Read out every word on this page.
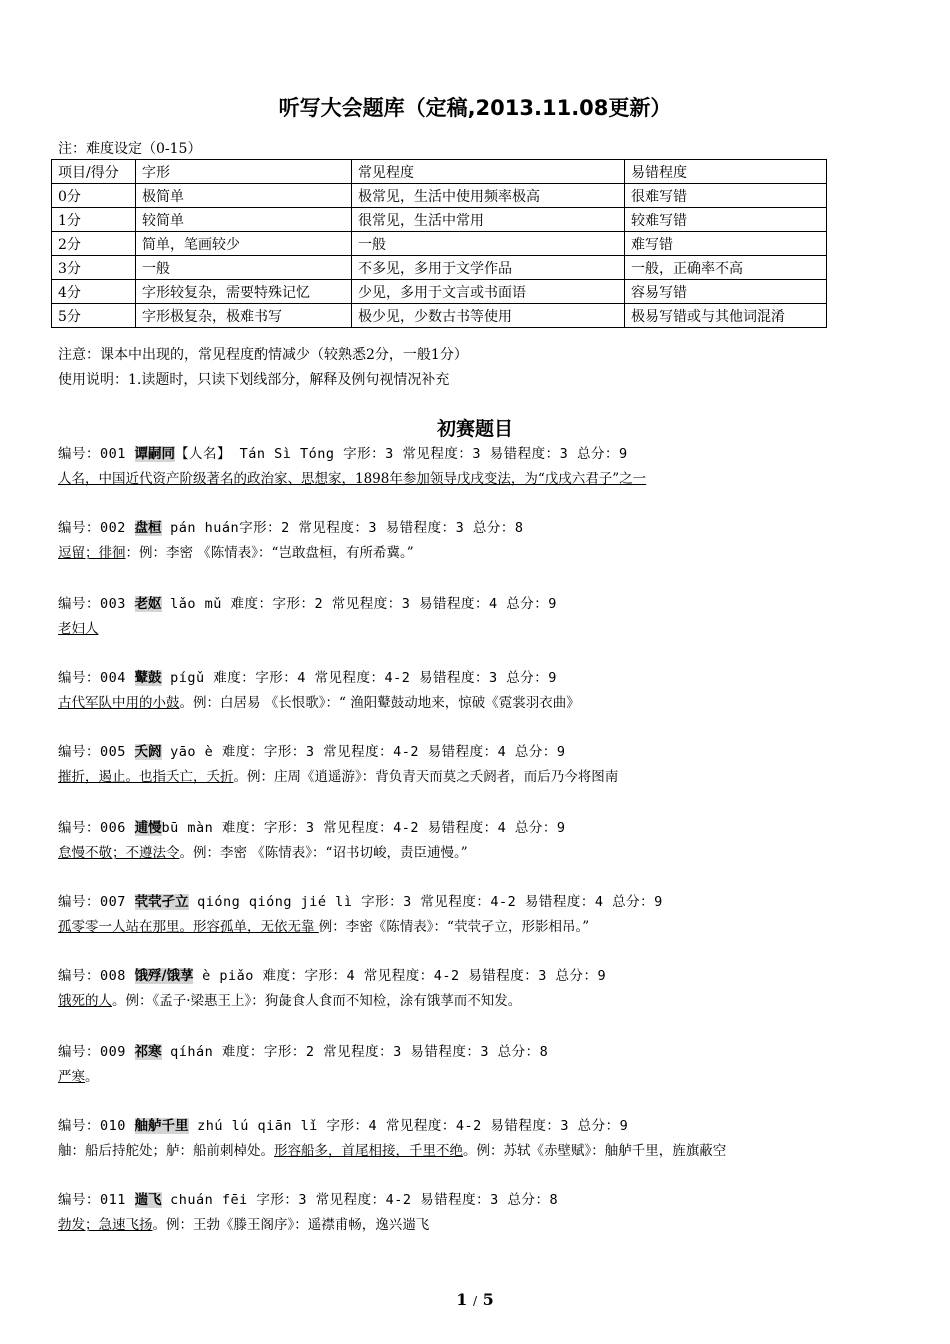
听写大会题库（定稿,2013.11.08更新）
注：难度设定（0-15）
项目/得分	字形	常见程度	易错程度
0分	极简单	极常见，生活中使用频率极高	很难写错
1分	较简单	很常见，生活中常用	较难写错
2分	简单，笔画较少	一般	难写错
3分	一般	不多见，多用于文学作品	一般，正确率不高
4分	字形较复杂，需要特殊记忆	少见，多用于文言或书面语	容易写错
5分	字形极复杂，极难书写	极少见，少数古书等使用	极易写错或与其他词混淆
注意：课本中出现的，常见程度酌情减少（较熟悉2分，一般1分）
使用说明：1.读题时，只读下划线部分，解释及例句视情况补充
初赛题目
编号：001 谭嗣同【人名】 Tán Sì Tóng 字形：3 常见程度：3 易错程度：3 总分：9
人名，中国近代资产阶级著名的政治家、思想家，1898年参加领导戊戌变法，为“戊戌六君子”之一
编号：002 盘桓 pán huán字形：2 常见程度：3 易错程度：3 总分：8
逗留；徘徊：例：李密 《陈情表》：“岂敢盘桓，有所希冀。”
编号：003 老妪 lǎo mǔ 难度：字形：2 常见程度：3 易错程度：4 总分：9
老妇人
编号：004 鼙鼓 pígǔ 难度：字形：4 常见程度：4-2 易错程度：3 总分：9
古代军队中用的小鼓。例：白居易 《长恨歌》：“ 渔阳鼙鼓动地来，惊破《霓裳羽衣曲》
编号：005 夭阏 yāo è 难度：字形：3 常见程度：4-2 易错程度：4 总分：9
摧折，遏止。也指夭亡，夭折。例：庄周《逍遥游》：背负青天而莫之夭阏者，而后乃今将图南
编号：006 逋慢bū màn 难度：字形：3 常见程度：4-2 易错程度：4 总分：9
怠慢不敬；不遵法令。例：李密 《陈情表》：“诏书切峻，责臣逋慢。”
编号：007 茕茕孑立 qióng qióng jié lì 字形：3 常见程度：4-2 易错程度：4 总分：9
孤零零一人站在那里。形容孤单，无依无靠 例：李密《陈情表》：“茕茕孑立，形影相吊。”
编号：008 饿殍/饿莩 è piǎo 难度：字形：4 常见程度：4-2 易错程度：3 总分：9
饿死的人。例：《孟子·梁惠王上》：狗彘食人食而不知检，涂有饿莩而不知发。
编号：009 祁寒 qíhán 难度：字形：2 常见程度：3 易错程度：3 总分：8
严寒。
编号：010 舳舻千里 zhú lú qiān lǐ 字形：4 常见程度：4-2 易错程度：3 总分：9
舳：船后持舵处；舻：船前刺棹处。形容船多，首尾相接，千里不绝。例：苏轼《赤壁赋》：舳舻千里，旌旗蔽空
编号：011 遄飞 chuán fēi 字形：3 常见程度：4-2 易错程度：3 总分：8
勃发；急速飞扬。例：王勃《滕王阁序》：遥襟甫畅，逸兴遄飞
1 / 5
